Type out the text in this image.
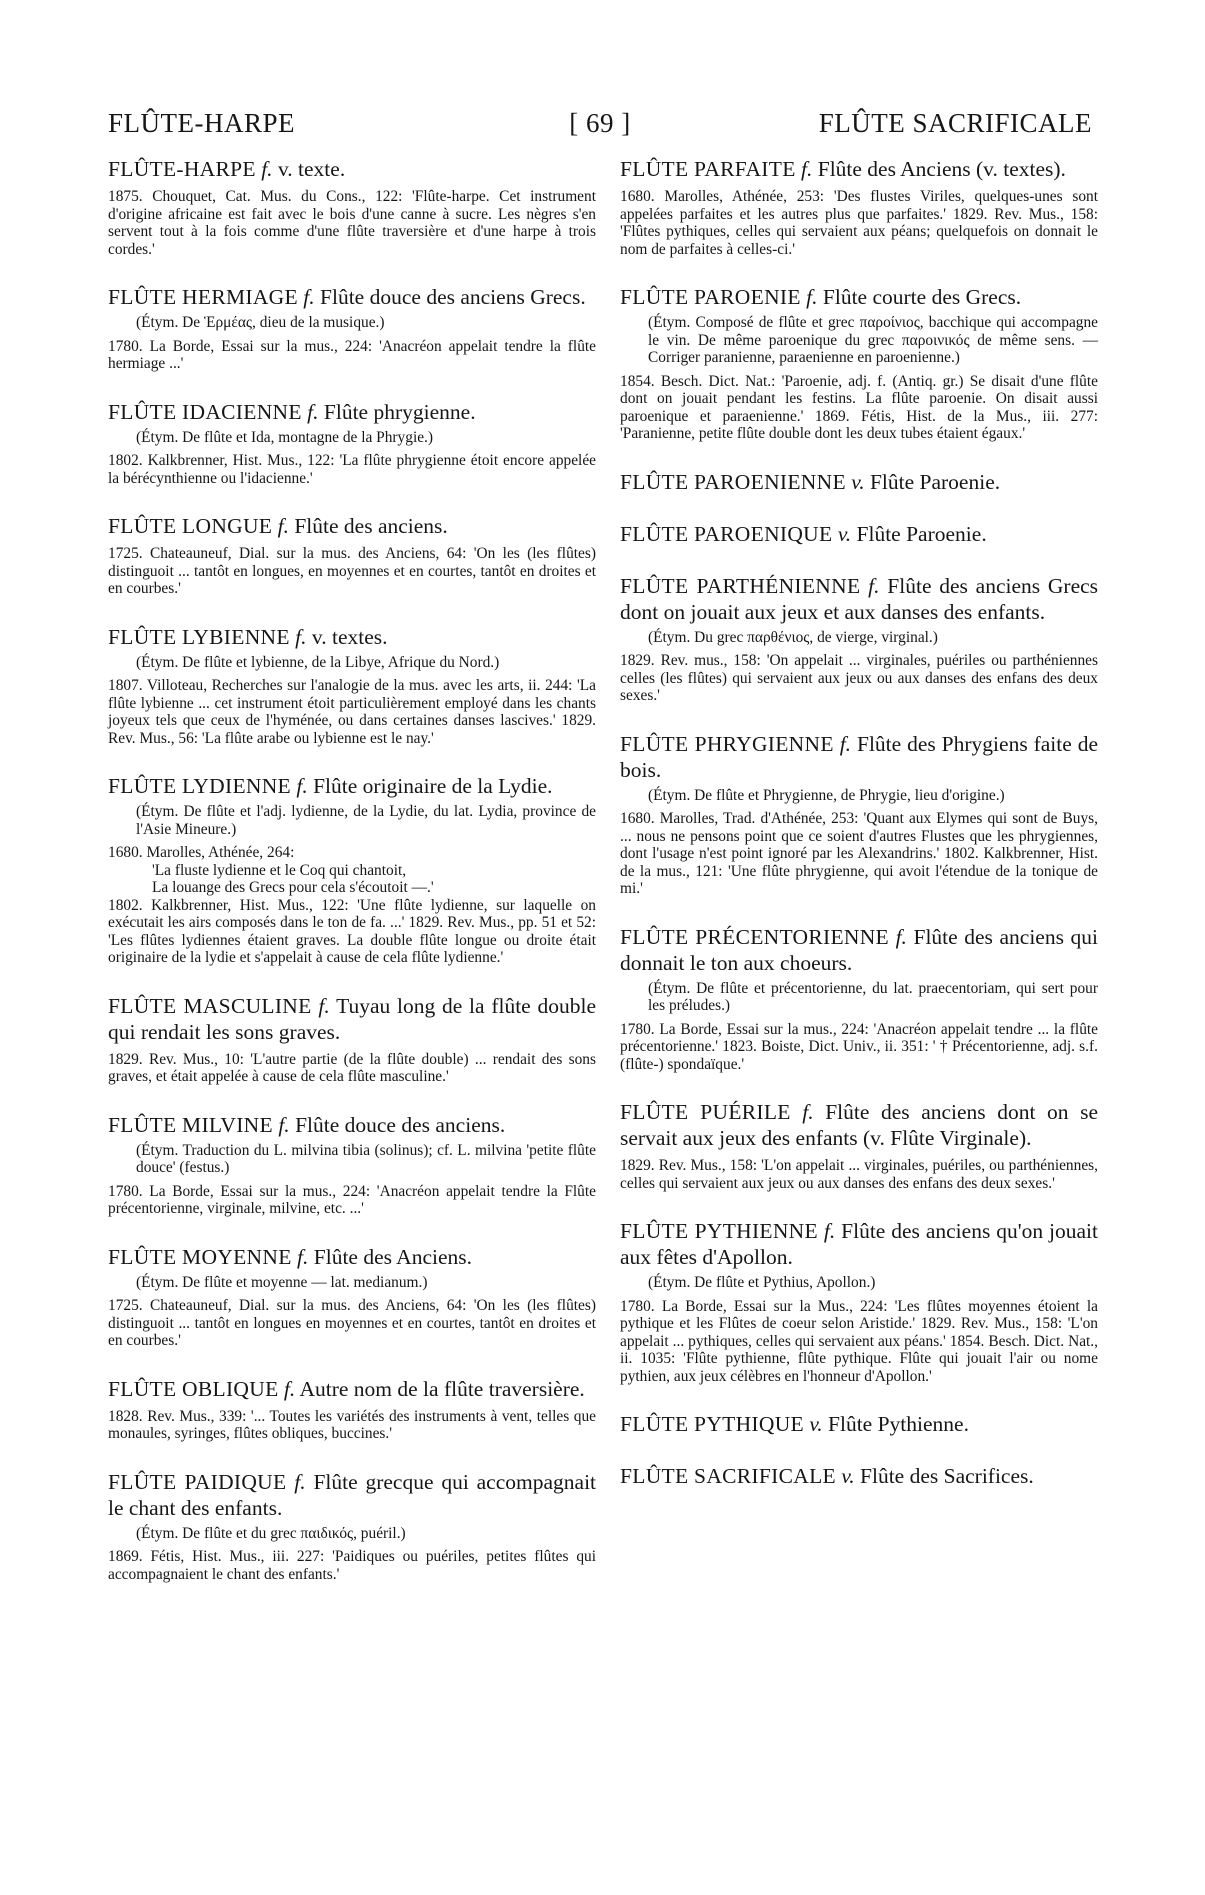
FLÛTE-HARPE	[ 69 ]	FLÛTE SACRIFICALE

FLÛTE-HARPE f. v. texte.

1875. Chouquet, Cat. Mus. du Cons., 122: 'Flûte-harpe. Cet instrument d'origine africaine est fait avec le bois d'une canne à sucre. Les nègres s'en servent tout à la fois comme d'une flûte traversière et d'une harpe à trois cordes.'

FLÛTE HERMIAGE f. Flûte douce des anciens Grecs.

(Étym. De Ἑρμέας, dieu de la musique.)

1780. La Borde, Essai sur la mus., 224: 'Anacréon appelait tendre la flûte hermiage ...'

FLÛTE IDACIENNE f. Flûte phrygienne.

(Étym. De flûte et Ida, montagne de la Phrygie.)

1802. Kalkbrenner, Hist. Mus., 122: 'La flûte phrygienne étoit encore appelée la bérécynthienne ou l'idacienne.'

FLÛTE LONGUE f. Flûte des anciens.

1725. Chateauneuf, Dial. sur la mus. des Anciens, 64: 'On les (les flûtes) distinguoit ... tantôt en longues, en moyennes et en courtes, tantôt en droites et en courbes.'

FLÛTE LYBIENNE f. v. textes.

(Étym. De flûte et lybienne, de la Libye, Afrique du Nord.)

1807. Villoteau, Recherches sur l'analogie de la mus. avec les arts, ii. 244: 'La flûte lybienne ... cet instrument étoit particulièrement employé dans les chants joyeux tels que ceux de l'hyménée, ou dans certaines danses lascives.' 1829. Rev. Mus., 56: 'La flûte arabe ou lybienne est le nay.'

FLÛTE LYDIENNE f. Flûte originaire de la Lydie.

(Étym. De flûte et l'adj. lydienne, de la Lydie, du lat. Lydia, province de l'Asie Mineure.)

1680. Marolles, Athénée, 264:

'La fluste lydienne et le Coq qui chantoit,

La louange des Grecs pour cela s'écoutoit —.'

1802. Kalkbrenner, Hist. Mus., 122: 'Une flûte lydienne, sur laquelle on exécutait les airs composés dans le ton de fa. ...' 1829. Rev. Mus., pp. 51 et 52: 'Les flûtes lydiennes étaient graves. La double flûte longue ou droite était originaire de la lydie et s'appelait à cause de cela flûte lydienne.'

FLÛTE MASCULINE f. Tuyau long de la flûte double qui rendait les sons graves.

1829. Rev. Mus., 10: 'L'autre partie (de la flûte double) ... rendait des sons graves, et était appelée à cause de cela flûte masculine.'

FLÛTE MILVINE f. Flûte douce des anciens.

(Étym. Traduction du L. milvina tibia (solinus); cf. L. milvina 'petite flûte douce' (festus.)

1780. La Borde, Essai sur la mus., 224: 'Anacréon appelait tendre la Flûte précentorienne, virginale, milvine, etc. ...'

FLÛTE MOYENNE f. Flûte des Anciens.

(Étym. De flûte et moyenne — lat. medianum.)

1725. Chateauneuf, Dial. sur la mus. des Anciens, 64: 'On les (les flûtes) distinguoit ... tantôt en longues en moyennes et en courtes, tantôt en droites et en courbes.'

FLÛTE OBLIQUE f. Autre nom de la flûte traversière.

1828. Rev. Mus., 339: '... Toutes les variétés des instruments à vent, telles que monaules, syringes, flûtes obliques, buccines.'

FLÛTE PAIDIQUE f. Flûte grecque qui accompagnait le chant des enfants.

(Étym. De flûte et du grec παιδικός, puéril.)

1869. Fétis, Hist. Mus., iii. 227: 'Paidiques ou puériles, petites flûtes qui accompagnaient le chant des enfants.'

FLÛTE PARFAITE f. Flûte des Anciens (v. textes).

1680. Marolles, Athénée, 253: 'Des flustes Viriles, quelques-unes sont appelées parfaites et les autres plus que parfaites.' 1829. Rev. Mus., 158: 'Flûtes pythiques, celles qui servaient aux péans; quelquefois on donnait le nom de parfaites à celles-ci.'

FLÛTE PAROENIE f. Flûte courte des Grecs.

(Étym. Composé de flûte et grec παροίνιος, bacchique qui accompagne le vin. De même paroenique du grec παροινικός de même sens. — Corriger paranienne, paraenienne en paroenienne.)

1854. Besch. Dict. Nat.: 'Paroenie, adj. f. (Antiq. gr.) Se disait d'une flûte dont on jouait pendant les festins. La flûte paroenie. On disait aussi paroenique et paraenienne.' 1869. Fétis, Hist. de la Mus., iii. 277: 'Paranienne, petite flûte double dont les deux tubes étaient égaux.'

FLÛTE PAROENIENNE v. Flûte Paroenie.

FLÛTE PAROENIQUE v. Flûte Paroenie.

FLÛTE PARTHÉNIENNE f. Flûte des anciens Grecs dont on jouait aux jeux et aux danses des enfants.

(Étym. Du grec παρθένιος, de vierge, virginal.)

1829. Rev. mus., 158: 'On appelait ... virginales, puériles ou parthéniennes celles (les flûtes) qui servaient aux jeux ou aux danses des enfans des deux sexes.'

FLÛTE PHRYGIENNE f. Flûte des Phrygiens faite de bois.

(Étym. De flûte et Phrygienne, de Phrygie, lieu d'origine.)

1680. Marolles, Trad. d'Athénée, 253: 'Quant aux Elymes qui sont de Buys, ... nous ne pensons point que ce soient d'autres Flustes que les phrygiennes, dont l'usage n'est point ignoré par les Alexandrins.' 1802. Kalkbrenner, Hist. de la mus., 121: 'Une flûte phrygienne, qui avoit l'étendue de la tonique de mi.'

FLÛTE PRÉCENTORIENNE f. Flûte des anciens qui donnait le ton aux choeurs.

(Étym. De flûte et précentorienne, du lat. praecentoriam, qui sert pour les préludes.)

1780. La Borde, Essai sur la mus., 224: 'Anacréon appelait tendre ... la flûte précentorienne.' 1823. Boiste, Dict. Univ., ii. 351: ' † Précentorienne, adj. s.f. (flûte-) spondaïque.'

FLÛTE PUÉRILE f. Flûte des anciens dont on se servait aux jeux des enfants (v. Flûte Virginale).

1829. Rev. Mus., 158: 'L'on appelait ... virginales, puériles, ou parthéniennes, celles qui servaient aux jeux ou aux danses des enfans des deux sexes.'

FLÛTE PYTHIENNE f. Flûte des anciens qu'on jouait aux fêtes d'Apollon.

(Étym. De flûte et Pythius, Apollon.)

1780. La Borde, Essai sur la Mus., 224: 'Les flûtes moyennes étoient la pythique et les Flûtes de coeur selon Aristide.' 1829. Rev. Mus., 158: 'L'on appelait ... pythiques, celles qui servaient aux péans.' 1854. Besch. Dict. Nat., ii. 1035: 'Flûte pythienne, flûte pythique. Flûte qui jouait l'air ou nome pythien, aux jeux célèbres en l'honneur d'Apollon.'

FLÛTE PYTHIQUE v. Flûte Pythienne.

FLÛTE SACRIFICALE v. Flûte des Sacrifices.
